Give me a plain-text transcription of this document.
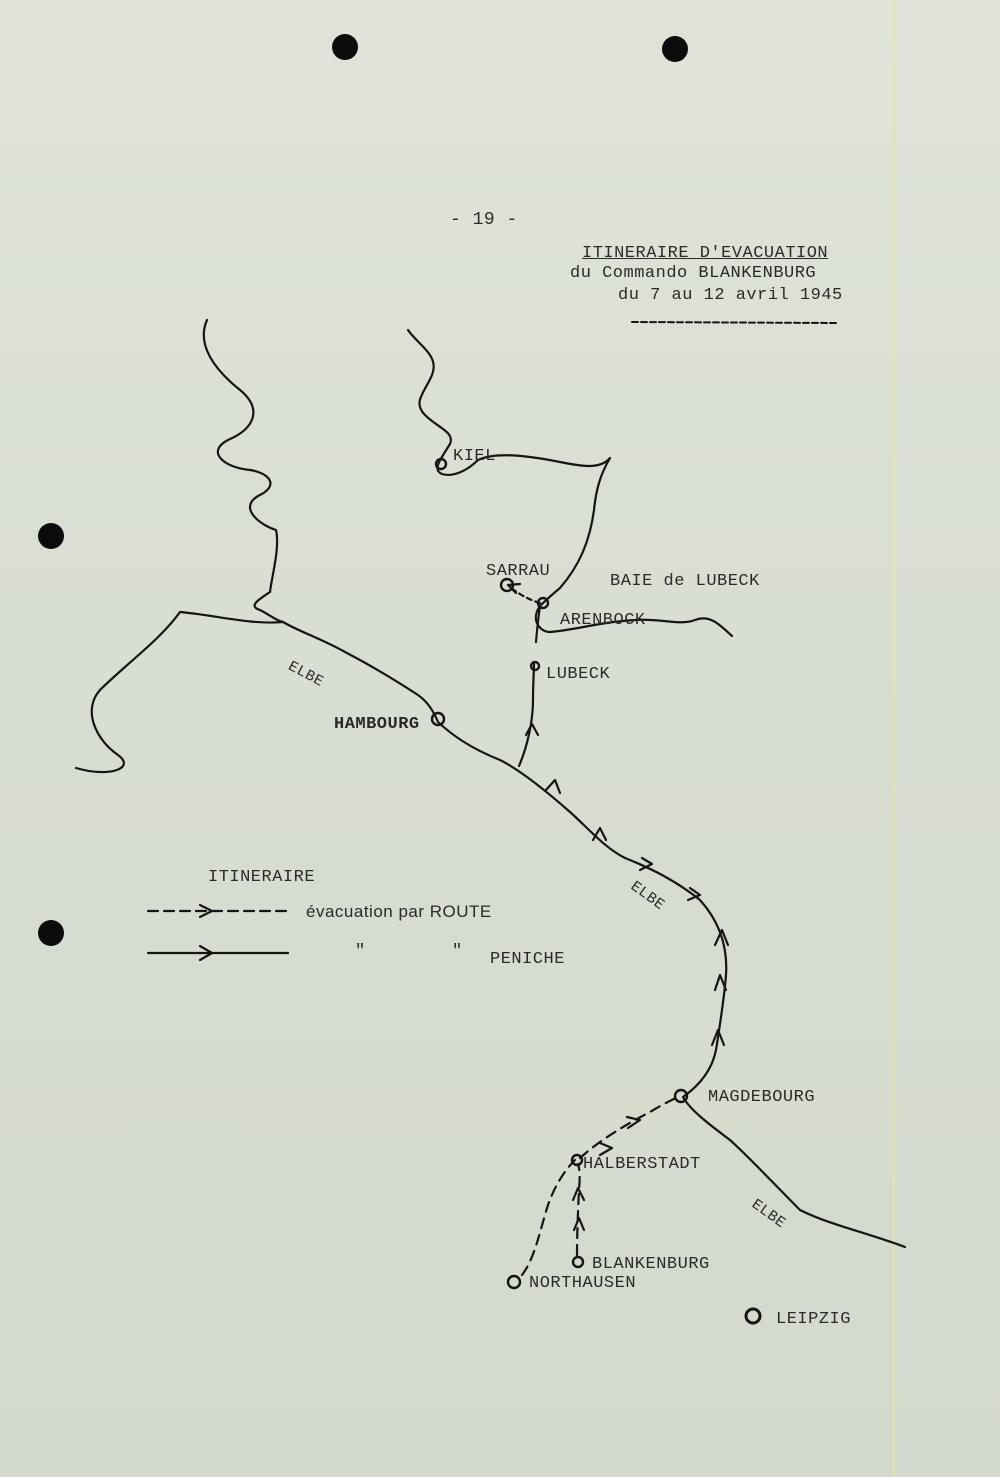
- 19 -
ITINERAIRE D'EVACUATION
du Commando BLANKENBURG
du 7 au 12 avril 1945
KIEL
SARRAU
BAIE de LUBECK
ARENBOCK
LUBECK
HAMBOURG
MAGDEBOURG
HALBERSTADT
BLANKENBURG
NORTHAUSEN
LEIPZIG
ELBE
ELBE
ELBE
ITINERAIRE
évacuation par ROUTE
"	" PENICHE
